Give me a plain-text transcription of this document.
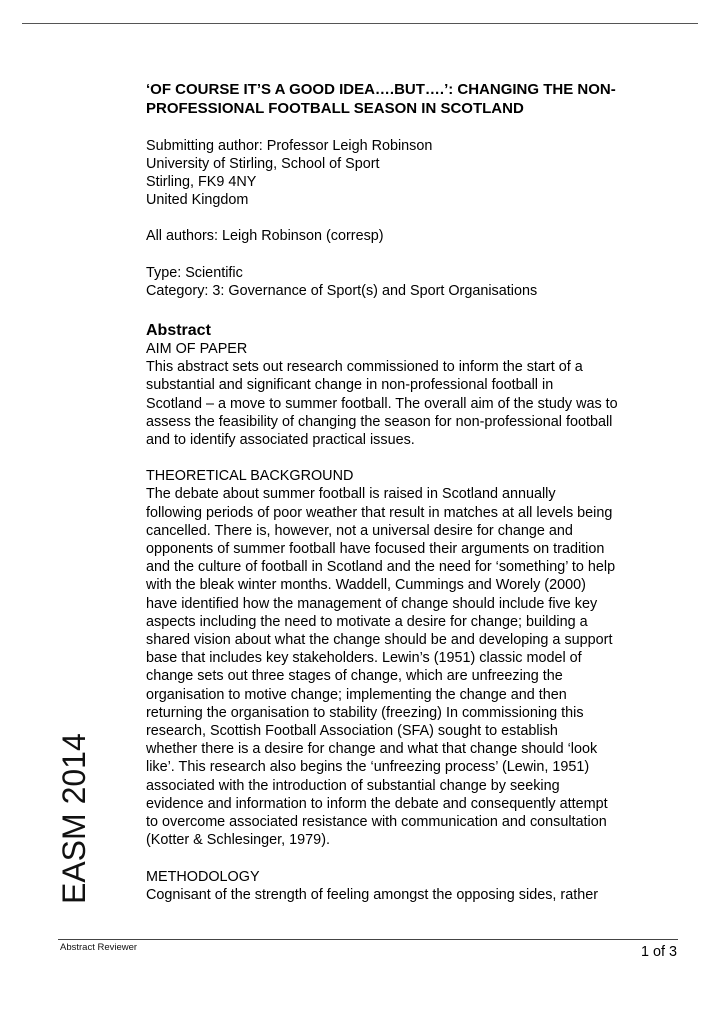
EASM 2014
‘OF COURSE IT’S A GOOD IDEA….BUT….’: CHANGING THE NON-
PROFESSIONAL FOOTBALL SEASON IN SCOTLAND
Submitting author: Professor Leigh Robinson
University of Stirling, School of Sport
Stirling, FK9 4NY
United Kingdom
All authors: Leigh Robinson (corresp)
Type: Scientific
Category: 3: Governance of Sport(s) and Sport Organisations
Abstract
AIM OF PAPER

This abstract sets out research commissioned to inform the start of a
substantial and significant change in non-professional football in
Scotland – a move to summer football. The overall aim of the study was to
assess the feasibility of changing the season for non-professional football
and to identify associated practical issues.

THEORETICAL BACKGROUND

The debate about summer football is raised in Scotland annually
following periods of poor weather that result in matches at all levels being
cancelled. There is, however, not a universal desire for change and
opponents of summer football have focused their arguments on tradition
and the culture of football in Scotland and the need for ‘something’ to help
with the bleak winter months. Waddell, Cummings and Worely (2000)
have identified how the management of change should include five key
aspects including the need to motivate a desire for change; building a
shared vision about what the change should be and developing a support
base that includes key stakeholders. Lewin’s (1951) classic model of
change sets out three stages of change, which are unfreezing the
organisation to motive change; implementing the change and then
returning the organisation to stability (freezing) In commissioning this
research, Scottish Football Association (SFA) sought to establish
whether there is a desire for change and what that change should ‘look
like’. This research also begins the ‘unfreezing process’ (Lewin, 1951)
associated with the introduction of substantial change by seeking
evidence and information to inform the debate and consequently attempt
to overcome associated resistance with communication and consultation
(Kotter & Schlesinger, 1979).

METHODOLOGY

Cognisant of the strength of feeling amongst the opposing sides, rather

Abstract Reviewer	1 of 3
